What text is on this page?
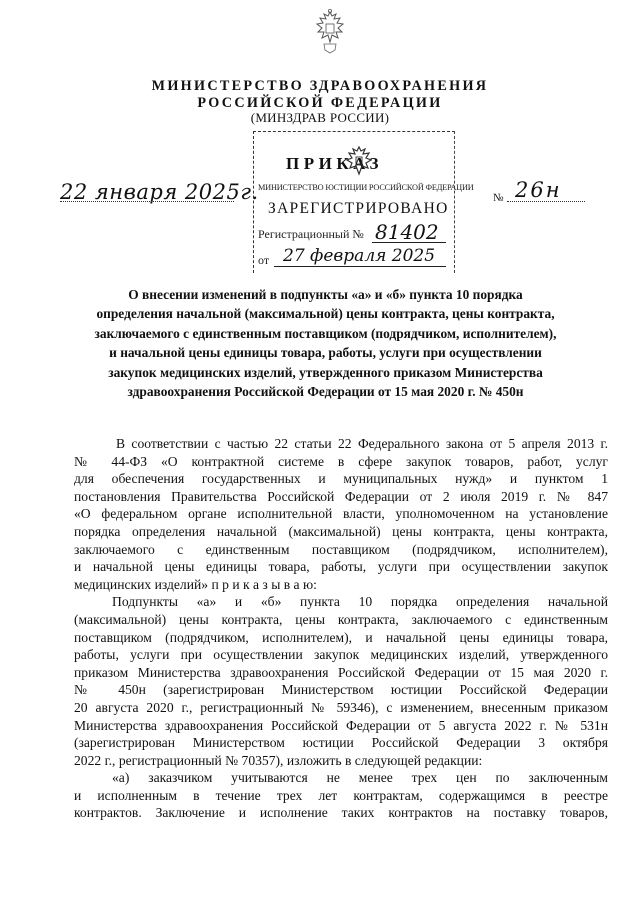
МИНИСТЕРСТВО ЗДРАВООХРАНЕНИЯ
РОССИЙСКОЙ ФЕДЕРАЦИИ
(МИНЗДРАВ РОССИИ)
ПРИКАЗ
МИНИСТЕРСТВО ЮСТИЦИИ РОССИЙСКОЙ ФЕДЕРАЦИИ
ЗАРЕГИСТРИРОВАНО
Регистрационный № 81402
от 27 февраля 2025
22 января 2025г.	№ 26н
О внесении изменений в подпункты «а» и «б» пункта 10 порядка
определения начальной (максимальной) цены контракта, цены контракта,
заключаемого с единственным поставщиком (подрядчиком, исполнителем),
и начальной цены единицы товара, работы, услуги при осуществлении
закупок медицинских изделий, утвержденного приказом Министерства
здравоохранения Российской Федерации от 15 мая 2020 г. № 450н
В соответствии с частью 22 статьи 22 Федерального закона от 5 апреля 2013 г.
№ 44-ФЗ «О контрактной системе в сфере закупок товаров, работ, услуг
для обеспечения государственных и муниципальных нужд» и пунктом 1
постановления Правительства Российской Федерации от 2 июля 2019 г. № 847
«О федеральном органе исполнительной власти, уполномоченном на установление
порядка определения начальной (максимальной) цены контракта, цены контракта,
заключаемого с единственным поставщиком (подрядчиком, исполнителем),
и начальной цены единицы товара, работы, услуги при осуществлении закупок
медицинских изделий» п р и к а з ы в а ю:
Подпункты «а» и «б» пункта 10 порядка определения начальной
(максимальной) цены контракта, цены контракта, заключаемого с единственным
поставщиком (подрядчиком, исполнителем), и начальной цены единицы товара,
работы, услуги при осуществлении закупок медицинских изделий, утвержденного
приказом Министерства здравоохранения Российской Федерации от 15 мая 2020 г.
№ 450н (зарегистрирован Министерством юстиции Российской Федерации
20 августа 2020 г., регистрационный № 59346), с изменением, внесенным приказом
Министерства здравоохранения Российской Федерации от 5 августа 2022 г. № 531н
(зарегистрирован Министерством юстиции Российской Федерации 3 октября
2022 г., регистрационный № 70357), изложить в следующей редакции:
«а) заказчиком учитываются не менее трех цен по заключенным
и исполненным в течение трех лет контрактам, содержащимся в реестре
контрактов. Заключение и исполнение таких контрактов на поставку товаров,
